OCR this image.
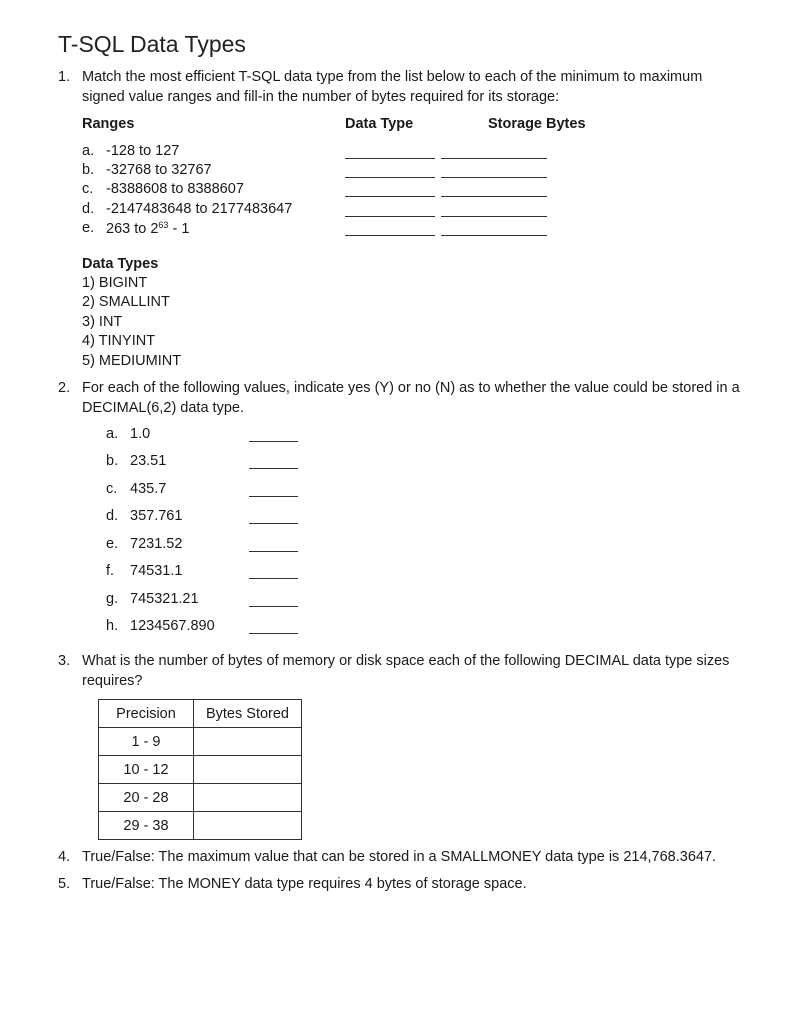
T-SQL Data Types
1. Match the most efficient T-SQL data type from the list below to each of the minimum to maximum
signed value ranges and fill-in the number of bytes required for its storage:
Ranges	Data Type	Storage Bytes
a. -128 to 127
b. -32768 to 32767
c. -8388608 to 8388607
d. -2147483648 to 2177483647
e. 263 to $2^{63} - 1$
Data Types
1) BIGINT
2) SMALLINT
3) INT
4) TINYINT
5) MEDIUMINT
2. For each of the following values, indicate yes (Y) or no (N) as to whether the value could be stored in a
DECIMAL(6,2) data type.
a. 1.0
b. 23.51
c. 435.7
d. 357.761
e. 7231.52
f. 74531.1
g. 745321.21
h. 1234567.890
3. What is the number of bytes of memory or disk space each of the following DECIMAL data type sizes
requires?
Precision	Bytes Stored
1 - 9	
10 - 12	
20 - 28	
29 - 38	
4. True/False: The maximum value that can be stored in a SMALLMONEY data type is 214,768.3647.
5. True/False: The MONEY data type requires 4 bytes of storage space.
